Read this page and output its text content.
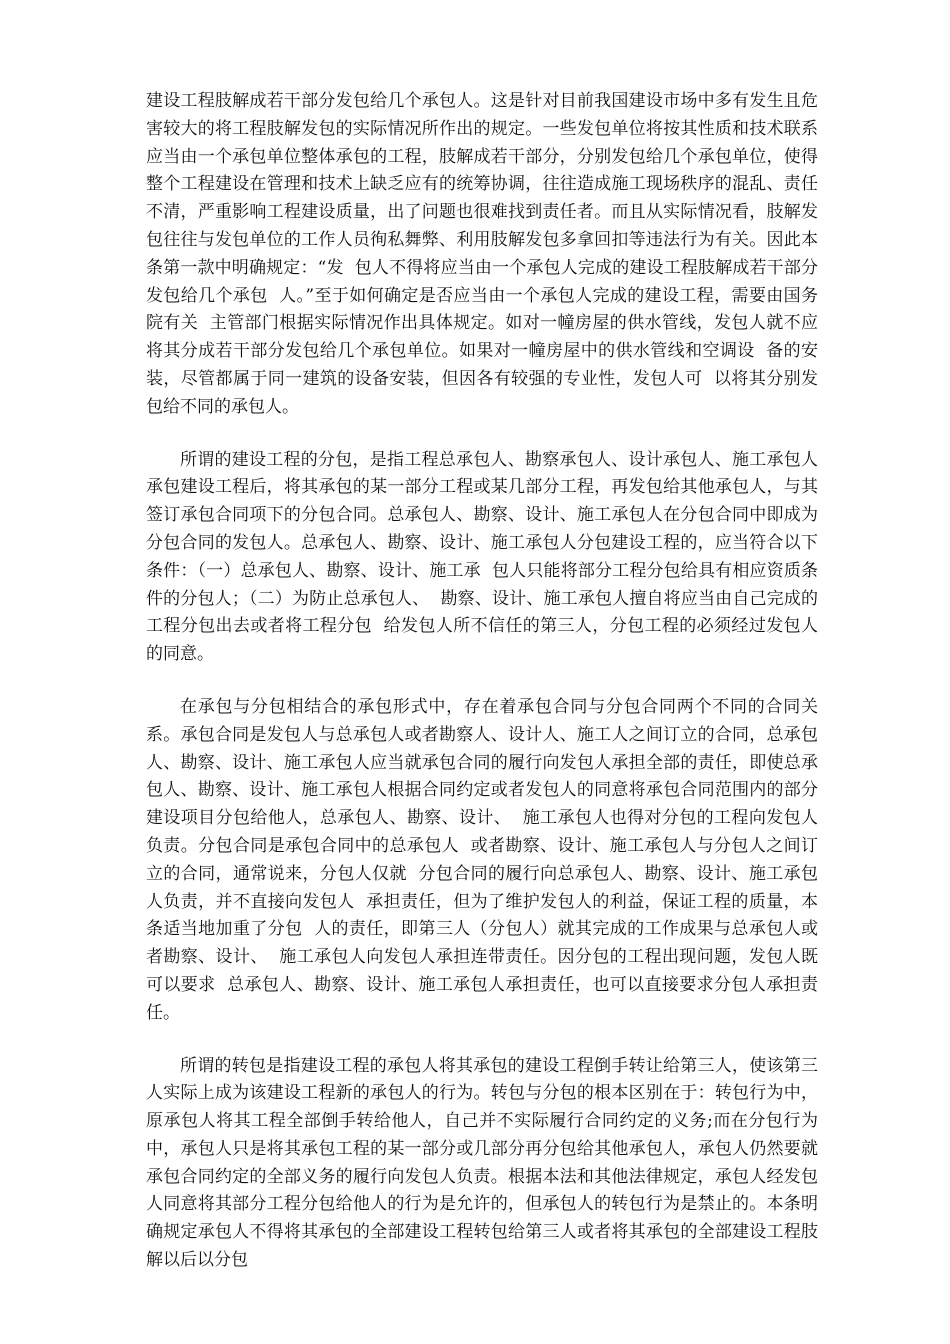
建设工程肢解成若干部分发包给几个承包人。这是针对目前我国建设市场中多有发生且危害较大的将工程肢解发包的实际情况所作出的规定。一些发包单位将按其性质和技术联系应当由一个承包单位整体承包的工程，肢解成若干部分，分别发包给几个承包单位，使得整个工程建设在管理和技术上缺乏应有的统筹协调，往往造成施工现场秩序的混乱、责任不清，严重影响工程建设质量，出了问题也很难找到责任者。而且从实际情况看，肢解发包往往与发包单位的工作人员徇私舞弊、利用肢解发包多拿回扣等违法行为有关。因此本条第一款中明确规定：“发  包人不得将应当由一个承包人完成的建设工程肢解成若干部分发包给几个承包  人。”至于如何确定是否应当由一个承包人完成的建设工程，需要由国务院有关  主管部门根据实际情况作出具体规定。如对一幢房屋的供水管线，发包人就不应  将其分成若干部分发包给几个承包单位。如果对一幢房屋中的供水管线和空调设  备的安装，尽管都属于同一建筑的设备安装，但因各有较强的专业性，发包人可  以将其分别发包给不同的承包人。

所谓的建设工程的分包，是指工程总承包人、勘察承包人、设计承包人、施工承包人承包建设工程后，将其承包的某一部分工程或某几部分工程，再发包给其他承包人，与其签订承包合同项下的分包合同。总承包人、勘察、设计、施工承包人在分包合同中即成为分包合同的发包人。总承包人、勘察、设计、施工承包人分包建设工程的，应当符合以下条件：（一）总承包人、勘察、设计、施工承  包人只能将部分工程分包给具有相应资质条件的分包人；（二）为防止总承包人、  勘察、设计、施工承包人擅自将应当由自己完成的工程分包出去或者将工程分包  给发包人所不信任的第三人，分包工程的必须经过发包人的同意。

在承包与分包相结合的承包形式中，存在着承包合同与分包合同两个不同的合同关系。承包合同是发包人与总承包人或者勘察人、设计人、施工人之间订立的合同，总承包人、勘察、设计、施工承包人应当就承包合同的履行向发包人承担全部的责任，即使总承包人、勘察、设计、施工承包人根据合同约定或者发包人的同意将承包合同范围内的部分建设项目分包给他人，总承包人、勘察、设计、  施工承包人也得对分包的工程向发包人负责。分包合同是承包合同中的总承包人  或者勘察、设计、施工承包人与分包人之间订立的合同，通常说来，分包人仅就  分包合同的履行向总承包人、勘察、设计、施工承包人负责，并不直接向发包人  承担责任，但为了维护发包人的利益，保证工程的质量，本条适当地加重了分包  人的责任，即第三人（分包人）就其完成的工作成果与总承包人或者勘察、设计、  施工承包人向发包人承担连带责任。因分包的工程出现问题，发包人既可以要求  总承包人、勘察、设计、施工承包人承担责任，也可以直接要求分包人承担责任。

所谓的转包是指建设工程的承包人将其承包的建设工程倒手转让给第三人，使该第三人实际上成为该建设工程新的承包人的行为。转包与分包的根本区别在于：转包行为中，原承包人将其工程全部倒手转给他人，自己并不实际履行合同约定的义务;而在分包行为中，承包人只是将其承包工程的某一部分或几部分再分包给其他承包人，承包人仍然要就承包合同约定的全部义务的履行向发包人负责。根据本法和其他法律规定，承包人经发包人同意将其部分工程分包给他人的行为是允许的，但承包人的转包行为是禁止的。本条明确规定承包人不得将其承包的全部建设工程转包给第三人或者将其承包的全部建设工程肢解以后以分包
